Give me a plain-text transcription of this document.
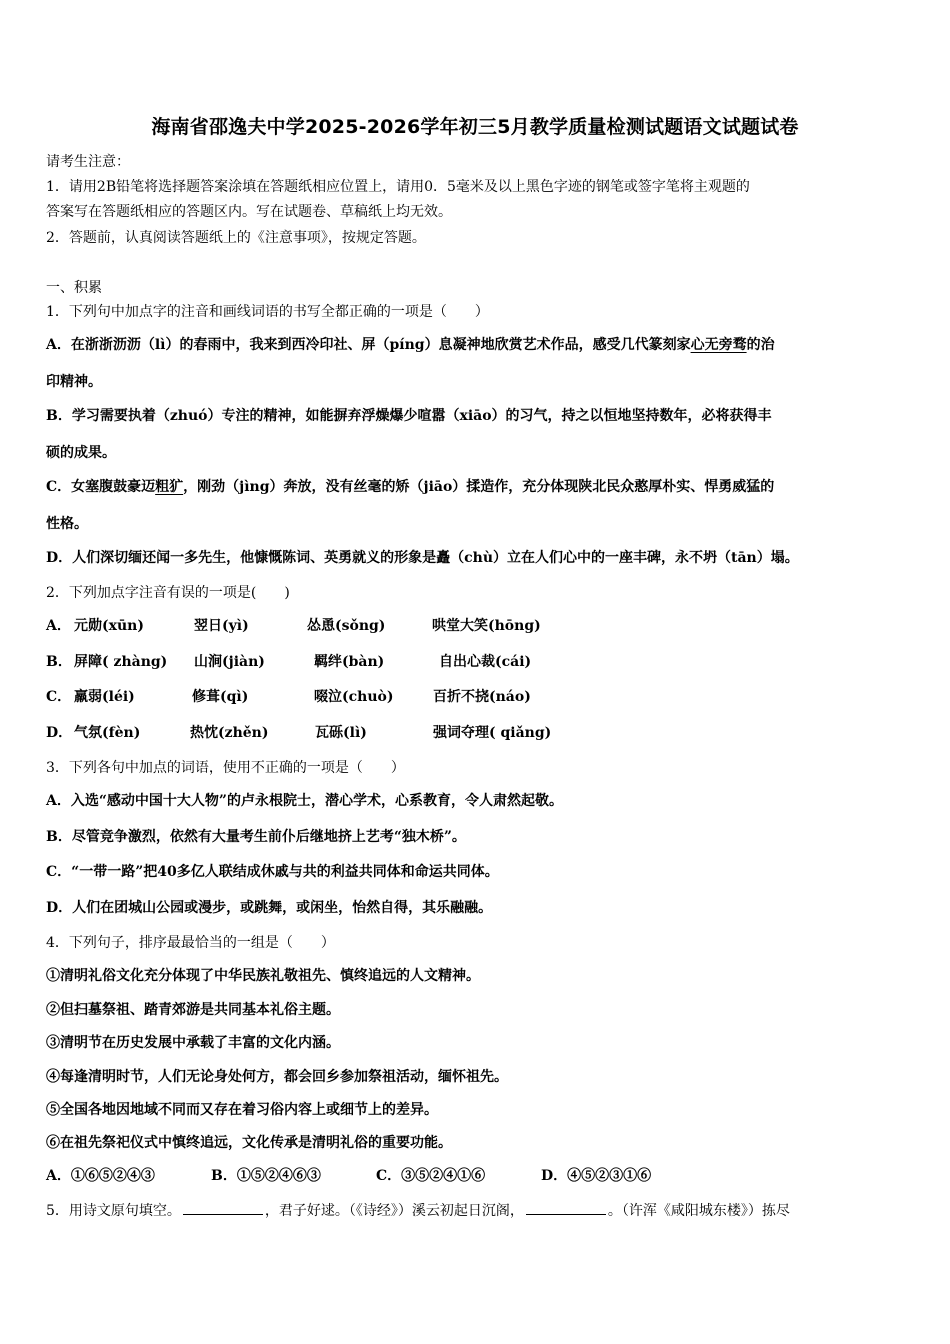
海南省邵逸夫中学2025-2026学年初三5月教学质量检测试题语文试题试卷
请考生注意：
1．请用2B铅笔将选择题答案涂填在答题纸相应位置上，请用0．5毫米及以上黑色字迹的钢笔或签字笔将主观题的
答案写在答题纸相应的答题区内。写在试题卷、草稿纸上均无效。
2．答题前，认真阅读答题纸上的《注意事项》，按规定答题。
一、积累
1．下列句中加点字的注音和画线词语的书写全都正确的一项是（　　）
A．在浙浙沥沥（lì）的春雨中，我来到西冷印社、屏（píng）息凝神地欣赏艺术作品，感受几代篆刻家心无旁骛的治
印精神。
B．学习需要执着（zhuó）专注的精神，如能摒弃浮燥爆少喧嚣（xiāo）的习气，持之以恒地坚持数年，必将获得丰
硕的成果。
C．女塞腹鼓豪迈粗犷，刚劲（jìng）奔放，没有丝毫的矫（jiāo）揉造作，充分体现陕北民众憨厚朴实、悍勇威猛的
性格。
D．人们深切缅还闻一多先生，他慷慨陈词、英勇就义的形象是矗（chù）立在人们心中的一座丰碑，永不坍（tān）塌。
2．下列加点字注音有误的一项是(　　)
A． 元勋(xūn)	翌日(yì)	怂恿(sǒng)	哄堂大笑(hōng)
B． 屏障( zhàng) 山涧(jiàn)	羁绊(bàn)	自出心裁(cái)
C． 羸弱(léi)	修葺(qì)	啜泣(chuò)	百折不挠(náo)
D． 气氛(fèn)	热忱(zhěn)	瓦砾(lì)	强词夺理( qiǎng)
3．下列各句中加点的词语，使用不正确的一项是（　　）
A．入选“感动中国十大人物”的卢永根院士，潜心学术，心系教育，令人肃然起敬。
B．尽管竞争激烈，依然有大量考生前仆后继地挤上艺考“独木桥”。
C．“一带一路”把40多亿人联结成休戚与共的利益共同体和命运共同体。
D．人们在团城山公园或漫步，或跳舞，或闲坐，怡然自得，其乐融融。
4．下列句子，排序最最恰当的一组是（　　）
①清明礼俗文化充分体现了中华民族礼敬祖先、慎终追远的人文精神。
②但扫墓祭祖、踏青郊游是共同基本礼俗主题。
③清明节在历史发展中承载了丰富的文化内涵。
④每逢清明时节，人们无论身处何方，都会回乡参加祭祖活动，缅怀祖先。
⑤全国各地因地域不同而又存在着习俗内容上或细节上的差异。
⑥在祖先祭祀仪式中慎终追远，文化传承是清明礼俗的重要功能。
A．①⑥⑤②④③	B．①⑤②④⑥③	C．③⑤②④①⑥	D．④⑤②③①⑥
5．用诗文原句填空。	，君子好逑。（《诗经》）溪云初起日沉阁，	。（许浑《咸阳城东楼》）拣尽
